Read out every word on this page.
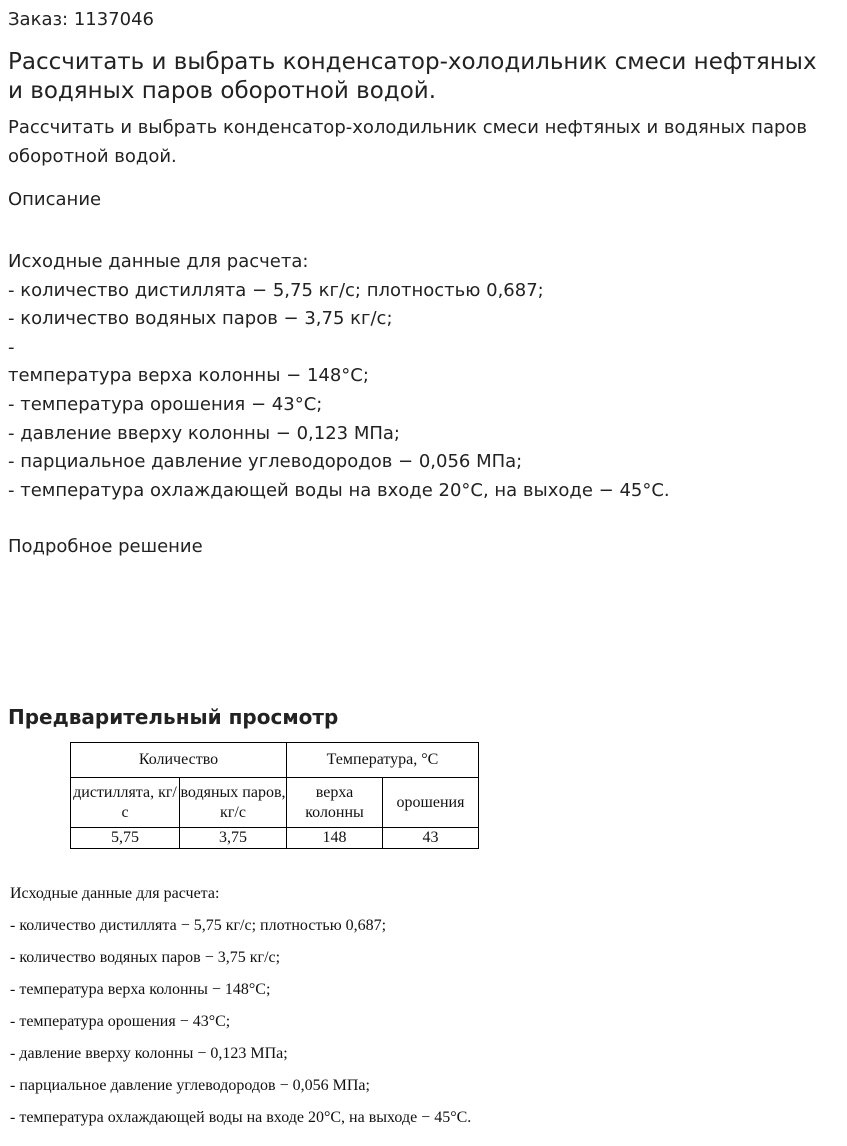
Заказ: 1137046
Рассчитать и выбрать конденсатор-холодильник смеси нефтяных и водяных паров оборотной водой.
Рассчитать и выбрать конденсатор-холодильник смеси нефтяных и водяных паров оборотной водой.
Описание
Исходные данные для расчета:
- количество дистиллята − 5,75 кг/с; плотностью 0,687;
- количество водяных паров − 3,75 кг/с;
-
температура верха колонны − 148°С;
- температура орошения − 43°С;
- давление вверху колонны − 0,123 МПа;
- парциальное давление углеводородов − 0,056 МПа;
- температура охлаждающей воды на входе 20°С, на выходе − 45°С.
Подробное решение
Предварительный просмотр
Количество		Температура, °С	
дистиллята, кг/с	водяных паров, кг/с	верха колонны	орошения
5,75	3,75	148	43
Исходные данные для расчета:
- количество дистиллята − 5,75 кг/с; плотностью 0,687;
- количество водяных паров − 3,75 кг/с;
- температура верха колонны − 148°С;
- температура орошения − 43°С;
- давление вверху колонны − 0,123 МПа;
- парциальное давление углеводородов − 0,056 МПа;
- температура охлаждающей воды на входе 20°С, на выходе − 45°С.
